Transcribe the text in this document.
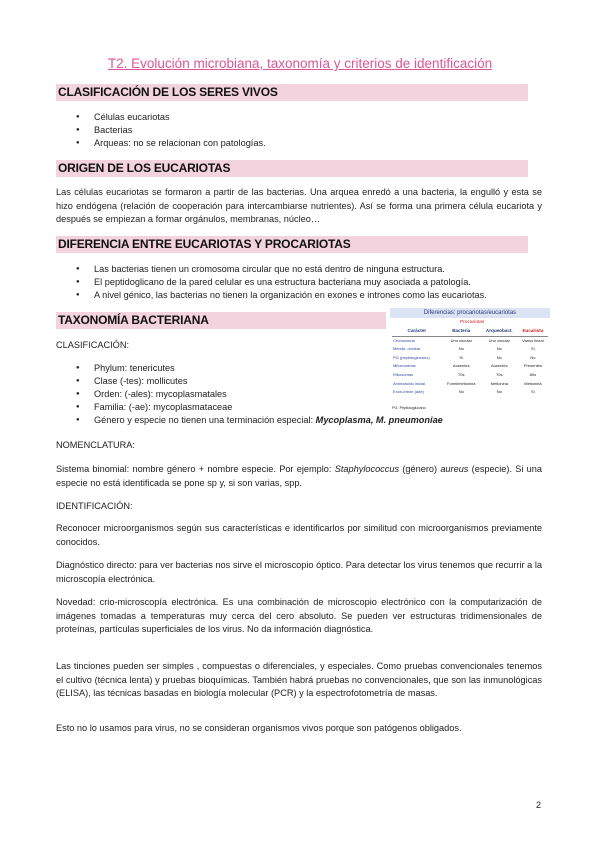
T2. Evolución microbiana, taxonomía y criterios de identificación
CLASIFICACIÓN DE LOS SERES VIVOS
● Células eucariotas
● Bacterias
● Arqueas: no se relacionan con patologías.
ORIGEN DE LOS EUCARIOTAS

Las células eucariotas se formaron a partir de las bacterias. Una arquea enredó a una bacteria, la engulló y esta se hizo endógena (relación de cooperación para intercambiarse nutrientes). Así se forma una primera célula eucariota y después se empiezan a formar orgánulos, membranas, núcleo…

DIFERENCIA ENTRE EUCARIOTAS Y PROCARIOTAS
● Las bacterias tienen un cromosoma circular que no está dentro de ninguna estructura.
● El peptidoglicano de la pared celular es una estructura bacteriana muy asociada a patología.
● A nivel génico, las bacterias no tienen la organización en exones e intrones como las eucariotas.
TAXONOMÍA BACTERIANA

CLASIFICACIÓN:

● Phylum: tenericutes
● Clase (-tes): mollicutes
● Orden: (-ales): mycoplasmatales
● Familia: (-ae): mycoplasmataceae
● Género y especie no tienen una terminación especial: Mycoplasma, M. pneumoniae

NOMENCLATURA:

Sistema binomial: nombre género + nombre especie. Por ejemplo: Staphylococcus (género) aureus (especie). Si una especie no está identificada se pone sp y, si son varias, spp.

IDENTIFICACIÓN:

Reconocer microorganismos según sus características e identificarlos por similitud con microorganismos previamente conocidos.

Diagnóstico directo: para ver bacterias nos sirve el microscopio óptico. Para detectar los virus tenemos que recurrir a la microscopía electrónica.

Novedad: crio-microscopía electrónica. Es una combinación de microscopio electrónico con la computarización de imágenes tomadas a temperaturas muy cerca del cero absoluto. Se pueden ver estructuras tridimensionales de proteínas, partículas superficiales de los virus. No da información diagnóstica.

Las tinciones pueden ser simples , compuestas o diferenciales, y especiales. Como pruebas convencionales tenemos el cultivo (técnica lenta) y pruebas bioquímicas. También habrá pruebas no convencionales, que son las inmunológicas (ELISA), las técnicas basadas en biología molecular (PCR) y la espectrofotometría de masas.

Esto no lo usamos para virus, no se consideran organismos vivos porque son patógenos obligados.

Diferencias: procariotas/eucariotas
Procariotas
Carácter	Bacteria	Arqueobact.	Eucariota
Cromosoma	Uno circular	Uno circular	Varios lineal
Membr. nuclear	No	No	Sí
PG (peptidoglucano)	Sí	No	No
Mitocondrias	Ausentes	Ausentes	Presentes
Ribosomas	70s	70s	80s
Aminoácido inicial	Formilmetionina	Metionina	Metionina
Exón-intrón (ade)	No	No	Sí
PG: Peptidoglucano
2
